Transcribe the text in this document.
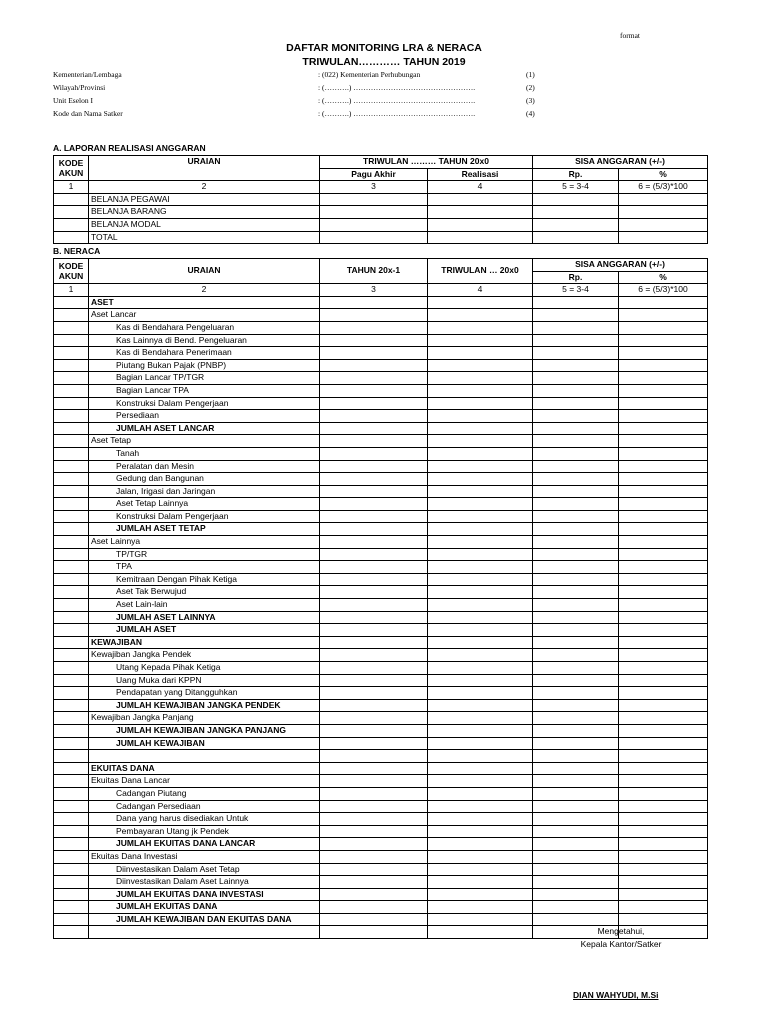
format
DAFTAR MONITORING LRA & NERACA
TRIWULAN………… TAHUN 2019
Kementerian/Lembaga	: (022) Kementerian Perhubungan	(1)
Wilayah/Provinsi	: (……….) ………………………………………….	(2)
Unit Eselon I	: (……….) ………………………………………….	(3)
Kode dan Nama Satker	: (……….) ………………………………………….	(4)
A. LAPORAN REALISASI ANGGARAN
KODE AKUN	URAIAN	TRIWULAN ……… TAHUN 20x0		SISA ANGGARAN (+/-)	
		Pagu Akhir	Realisasi	Rp.	%
1	2	3	4	5 = 3-4	6 = (5/3)*100
	BELANJA PEGAWAI				
	BELANJA BARANG				
	BELANJA MODAL				
	TOTAL				
B. NERACA
KODE AKUN	URAIAN	TAHUN 20x-1	TRIWULAN … 20x0	SISA ANGGARAN (+/-)	
				Rp.	%
1	2	3	4	5 = 3-4	6 = (5/3)*100
	ASET				
	Aset Lancar				
	Kas di Bendahara Pengeluaran				
	Kas Lainnya di Bend. Pengeluaran				
	Kas di Bendahara Penerimaan				
	Piutang Bukan Pajak (PNBP)				
	Bagian Lancar TP/TGR				
	Bagian Lancar TPA				
	Konstruksi Dalam Pengerjaan				
	Persediaan				
	JUMLAH ASET LANCAR				
	Aset Tetap				
	Tanah				
	Peralatan dan Mesin				
	Gedung dan Bangunan				
	Jalan, Irigasi dan Jaringan				
	Aset Tetap Lainnya				
	Konstruksi Dalam Pengerjaan				
	JUMLAH ASET TETAP				
	Aset Lainnya				
	TP/TGR				
	TPA				
	Kemitraan Dengan Pihak Ketiga				
	Aset Tak Berwujud				
	Aset Lain-lain				
	JUMLAH ASET LAINNYA				
	JUMLAH ASET				
	KEWAJIBAN				
	Kewajiban Jangka Pendek				
	Utang Kepada Pihak Ketiga				
	Uang Muka dari KPPN				
	Pendapatan yang Ditangguhkan				
	JUMLAH KEWAJIBAN JANGKA PENDEK				
	Kewajiban Jangka Panjang				
	JUMLAH KEWAJIBAN JANGKA PANJANG				
	JUMLAH KEWAJIBAN				

	EKUITAS DANA				
	Ekuitas Dana Lancar				
	Cadangan Piutang				
	Cadangan Persediaan				
	Dana yang harus disediakan Untuk				
	Pembayaran Utang jk Pendek				
	JUMLAH EKUITAS DANA LANCAR				
	Ekuitas Dana Investasi				
	Diinvestasikan Dalam Aset Tetap				
	Diinvestasikan Dalam Aset Lainnya				
	JUMLAH EKUITAS DANA INVESTASI				
	JUMLAH EKUITAS DANA				
	JUMLAH KEWAJIBAN DAN EKUITAS DANA				

Mengetahui,
Kepala Kantor/Satker
DIAN WAHYUDI, M.Si
